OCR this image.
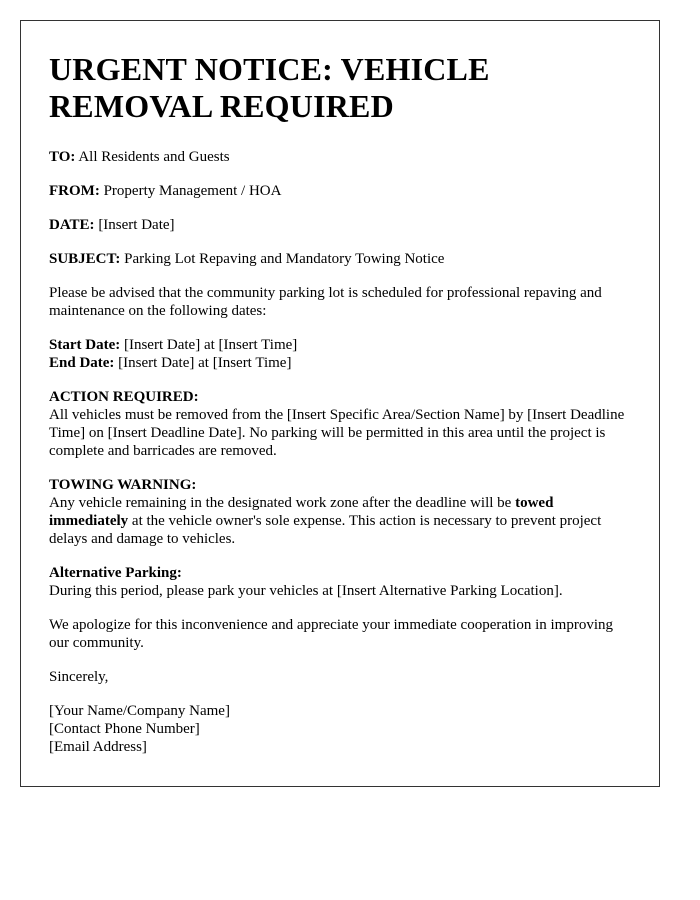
URGENT NOTICE: VEHICLE REMOVAL REQUIRED

TO: All Residents and Guests

FROM: Property Management / HOA

DATE: [Insert Date]

SUBJECT: Parking Lot Repaving and Mandatory Towing Notice

Please be advised that the community parking lot is scheduled for professional repaving and maintenance on the following dates:

Start Date: [Insert Date] at [Insert Time]
End Date: [Insert Date] at [Insert Time]

ACTION REQUIRED:
All vehicles must be removed from the [Insert Specific Area/Section Name] by [Insert Deadline Time] on [Insert Deadline Date]. No parking will be permitted in this area until the project is complete and barricades are removed.

TOWING WARNING:
Any vehicle remaining in the designated work zone after the deadline will be towed immediately at the vehicle owner's sole expense. This action is necessary to prevent project delays and damage to vehicles.

Alternative Parking:
During this period, please park your vehicles at [Insert Alternative Parking Location].

We apologize for this inconvenience and appreciate your immediate cooperation in improving our community.

Sincerely,

[Your Name/Company Name]
[Contact Phone Number]
[Email Address]
